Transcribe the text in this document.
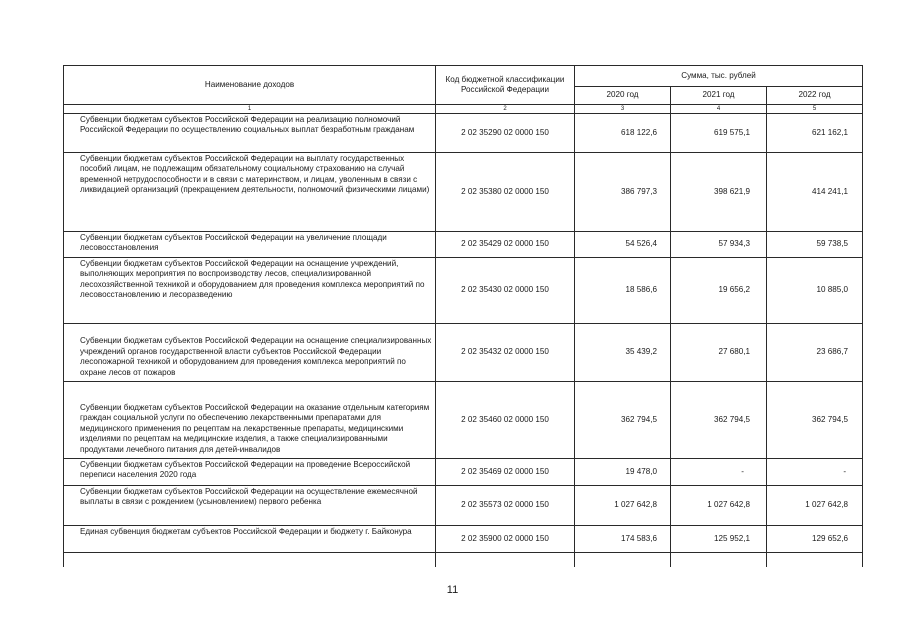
Наименование доходов	Код бюджетной классификации Российской Федерации	Сумма, тыс. рублей		
		2020 год	2021 год	2022 год
1	2	3	4	5
Субвенции бюджетам субъектов Российской Федерации на реализацию полномочий Российской Федерации по осуществлению социальных выплат безработным гражданам	2 02 35290 02 0000 150	618 122,6	619 575,1	621 162,1
Субвенции бюджетам субъектов Российской Федерации на выплату государственных пособий лицам, не подлежащим обязательному социальному страхованию на случай временной нетрудоспособности и в связи с материнством, и лицам, уволенным в связи с ликвидацией организаций (прекращением деятельности, полномочий физическими лицами)	2 02 35380 02 0000 150	386 797,3	398 621,9	414 241,1
Субвенции бюджетам субъектов Российской Федерации на увеличение площади лесовосстановления	2 02 35429 02 0000 150	54 526,4	57 934,3	59 738,5
Субвенции бюджетам субъектов Российской Федерации на оснащение учреждений, выполняющих мероприятия по воспроизводству лесов, специализированной лесохозяйственной техникой и оборудованием для проведения комплекса мероприятий по лесовосстановлению и лесоразведению	2 02 35430 02 0000 150	18 586,6	19 656,2	10 885,0
Субвенции бюджетам субъектов Российской Федерации на оснащение специализированных учреждений органов государственной власти субъектов Российской Федерации лесопожарной техникой и оборудованием для проведения комплекса мероприятий по охране лесов от пожаров	2 02 35432 02 0000 150	35 439,2	27 680,1	23 686,7
Субвенции бюджетам субъектов Российской Федерации на оказание отдельным категориям граждан социальной услуги по обеспечению лекарственными препаратами для медицинского применения по рецептам на лекарственные препараты, медицинскими изделиями по рецептам на медицинские изделия, а также специализированными продуктами лечебного питания для детей-инвалидов	2 02 35460 02 0000 150	362 794,5	362 794,5	362 794,5
Субвенции бюджетам субъектов Российской Федерации на проведение Всероссийской переписи населения 2020 года	2 02 35469 02 0000 150	19 478,0	-	-
Субвенции бюджетам субъектов Российской Федерации на осуществление ежемесячной выплаты в связи с рождением (усыновлением) первого ребенка	2 02 35573 02 0000 150	1 027 642,8	1 027 642,8	1 027 642,8
Единая субвенция бюджетам субъектов Российской Федерации и бюджету г. Байконура	2 02 35900 02 0000 150	174 583,6	125 952,1	129 652,6

11
